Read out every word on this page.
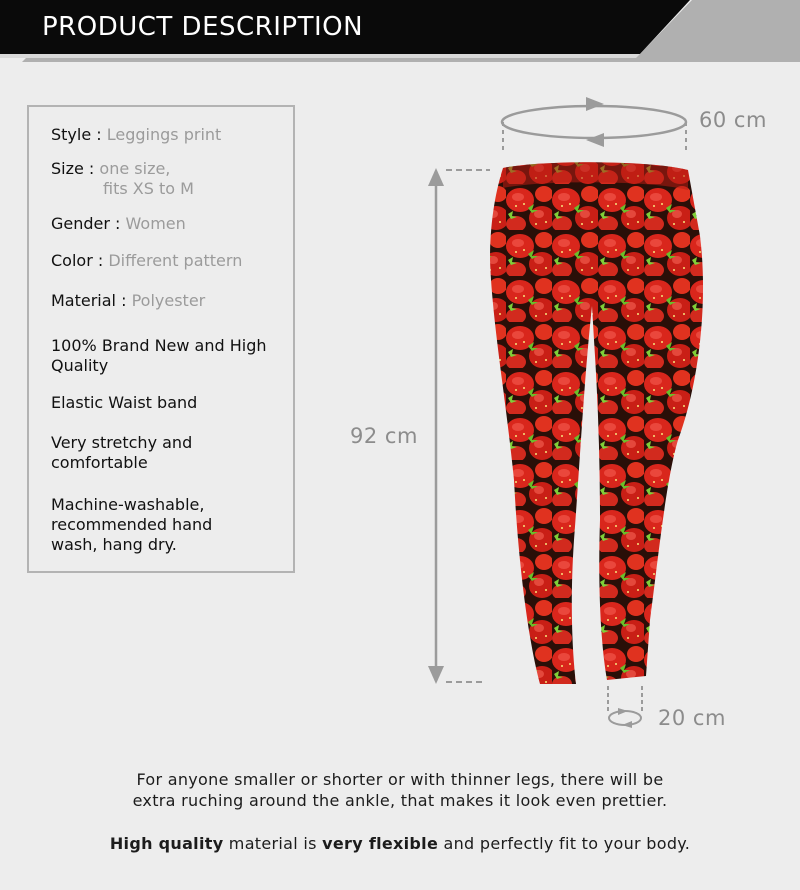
PRODUCT DESCRIPTION
Style : Leggings print
Size : one size,
fits XS to M
Gender : Women
Color : Different pattern
Material : Polyester
100% Brand New and High
Quality
Elastic Waist band
Very stretchy and
comfortable
Machine-washable,
recommended hand
wash, hang dry.
60 cm
92 cm
20 cm
For anyone smaller or shorter or with thinner legs, there will be
extra ruching around the ankle, that makes it look even prettier.
High quality material is very flexible and perfectly fit to your body.
